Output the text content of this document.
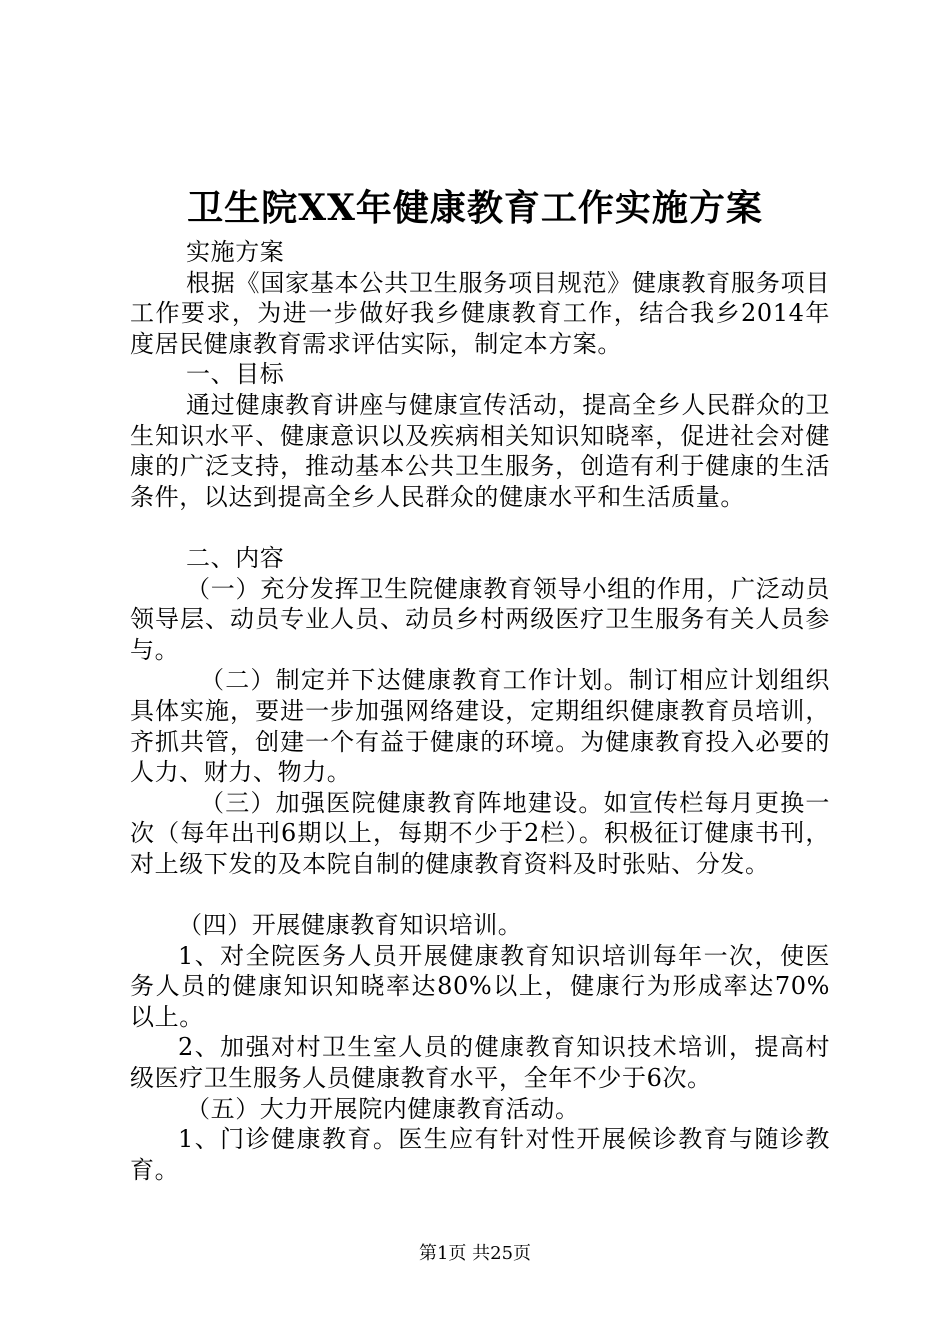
卫生院XX年健康教育工作实施方案

实施方案

根据《国家基本公共卫生服务项目规范》健康教育服务项目工作要求，为进一步做好我乡健康教育工作，结合我乡2014年度居民健康教育需求评估实际，制定本方案。

一、目标

通过健康教育讲座与健康宣传活动，提高全乡人民群众的卫生知识水平、健康意识以及疾病相关知识知晓率，促进社会对健康的广泛支持，推动基本公共卫生服务，创造有利于健康的生活条件，以达到提高全乡人民群众的健康水平和生活质量。

二、内容

（一）充分发挥卫生院健康教育领导小组的作用，广泛动员领导层、动员专业人员、动员乡村两级医疗卫生服务有关人员参与。

（二）制定并下达健康教育工作计划。制订相应计划组织具体实施，要进一步加强网络建设，定期组织健康教育员培训，齐抓共管，创建一个有益于健康的环境。为健康教育投入必要的人力、财力、物力。

（三）加强医院健康教育阵地建设。如宣传栏每月更换一次（每年出刊6期以上，每期不少于2栏）。积极征订健康书刊，对上级下发的及本院自制的健康教育资料及时张贴、分发。

（四）开展健康教育知识培训。

1、对全院医务人员开展健康教育知识培训每年一次，使医务人员的健康知识知晓率达80%以上，健康行为形成率达70%以上。

2、加强对村卫生室人员的健康教育知识技术培训，提高村级医疗卫生服务人员健康教育水平，全年不少于6次。

（五）大力开展院内健康教育活动。

1、门诊健康教育。医生应有针对性开展候诊教育与随诊教育。

第1页 共25页
